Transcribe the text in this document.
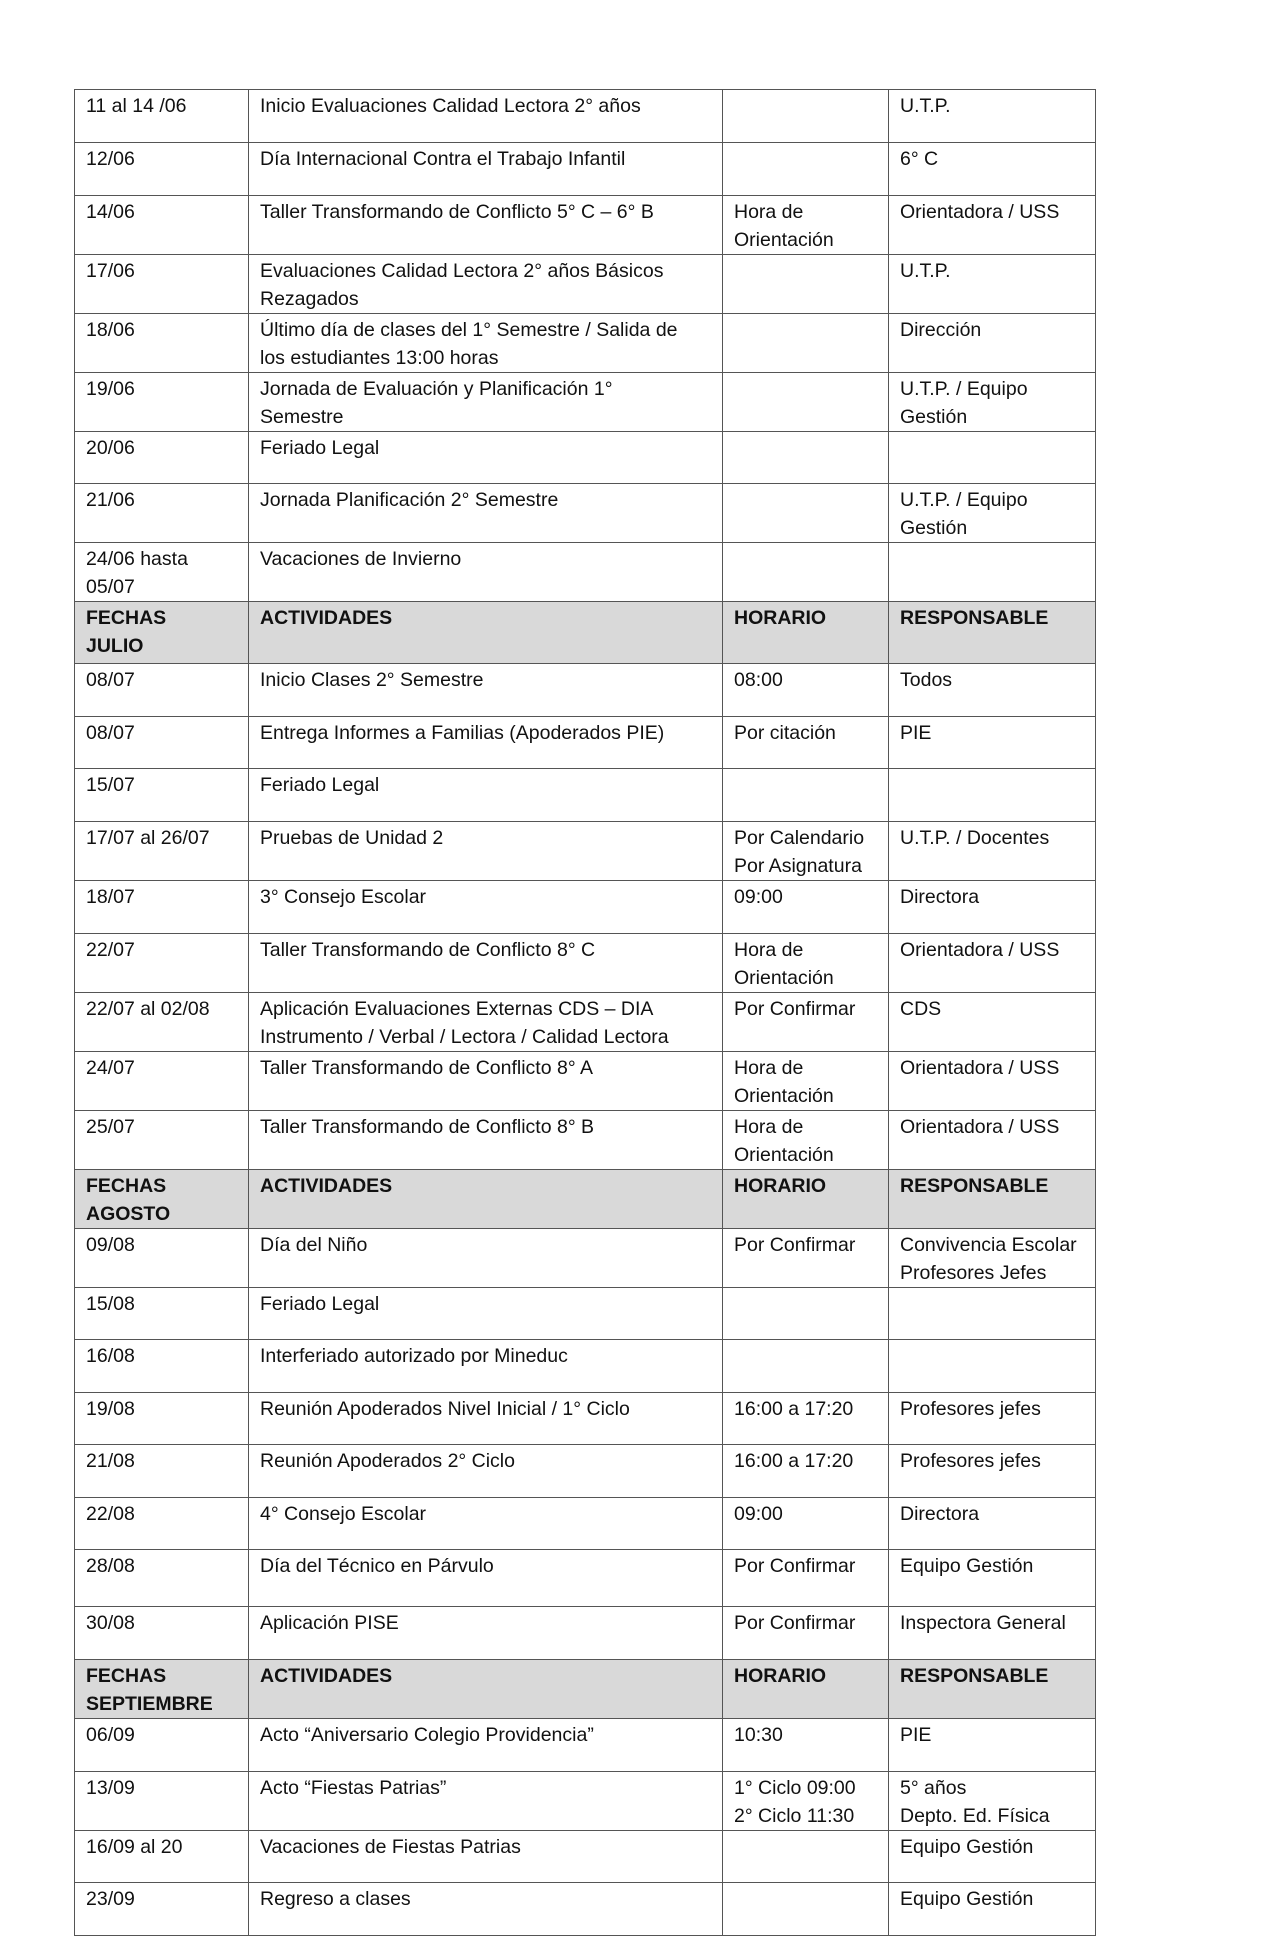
11 al 14 /06	Inicio Evaluaciones Calidad Lectora 2° años		U.T.P.

12/06	Día Internacional Contra el Trabajo Infantil		6° C

14/06	Taller Transformando de Conflicto 5° C – 6° B	Hora de
Orientación	Orientadora / USS

17/06	Evaluaciones Calidad Lectora 2° años Básicos
Rezagados		U.T.P.

18/06	Último día de clases del 1° Semestre / Salida de
los estudiantes 13:00 horas		Dirección

19/06	Jornada de Evaluación y Planificación 1°
Semestre		U.T.P. / Equipo
Gestión

20/06	Feriado Legal		

21/06	Jornada Planificación 2° Semestre		U.T.P. / Equipo
Gestión

24/06 hasta
05/07	Vacaciones de Invierno		

FECHAS
JULIO	ACTIVIDADES	HORARIO	RESPONSABLE

08/07	Inicio Clases 2° Semestre	08:00	Todos

08/07	Entrega Informes a Familias (Apoderados PIE)	Por citación	PIE

15/07	Feriado Legal		

17/07 al 26/07	Pruebas de Unidad 2	Por Calendario
Por Asignatura	U.T.P. / Docentes

18/07	3° Consejo Escolar	09:00	Directora

22/07	Taller Transformando de Conflicto 8° C	Hora de
Orientación	Orientadora / USS

22/07 al 02/08	Aplicación Evaluaciones Externas CDS – DIA
Instrumento / Verbal / Lectora / Calidad Lectora	Por Confirmar	CDS

24/07	Taller Transformando de Conflicto 8° A	Hora de
Orientación	Orientadora / USS

25/07	Taller Transformando de Conflicto 8° B	Hora de
Orientación	Orientadora / USS

FECHAS
AGOSTO	ACTIVIDADES	HORARIO	RESPONSABLE

09/08	Día del Niño	Por Confirmar	Convivencia Escolar
Profesores Jefes

15/08	Feriado Legal		

16/08	Interferiado autorizado por Mineduc		

19/08	Reunión Apoderados Nivel Inicial / 1° Ciclo	16:00 a 17:20	Profesores jefes

21/08	Reunión Apoderados 2° Ciclo	16:00 a 17:20	Profesores jefes

22/08	4° Consejo Escolar	09:00	Directora

28/08	Día del Técnico en Párvulo	Por Confirmar	Equipo Gestión

30/08	Aplicación PISE	Por Confirmar	Inspectora General

FECHAS
SEPTIEMBRE	ACTIVIDADES	HORARIO	RESPONSABLE

06/09	Acto “Aniversario Colegio Providencia”	10:30	PIE

13/09	Acto “Fiestas Patrias”	1° Ciclo 09:00
2° Ciclo 11:30	5° años
Depto. Ed. Física

16/09 al 20	Vacaciones de Fiestas Patrias		Equipo Gestión

23/09	Regreso a clases		Equipo Gestión
